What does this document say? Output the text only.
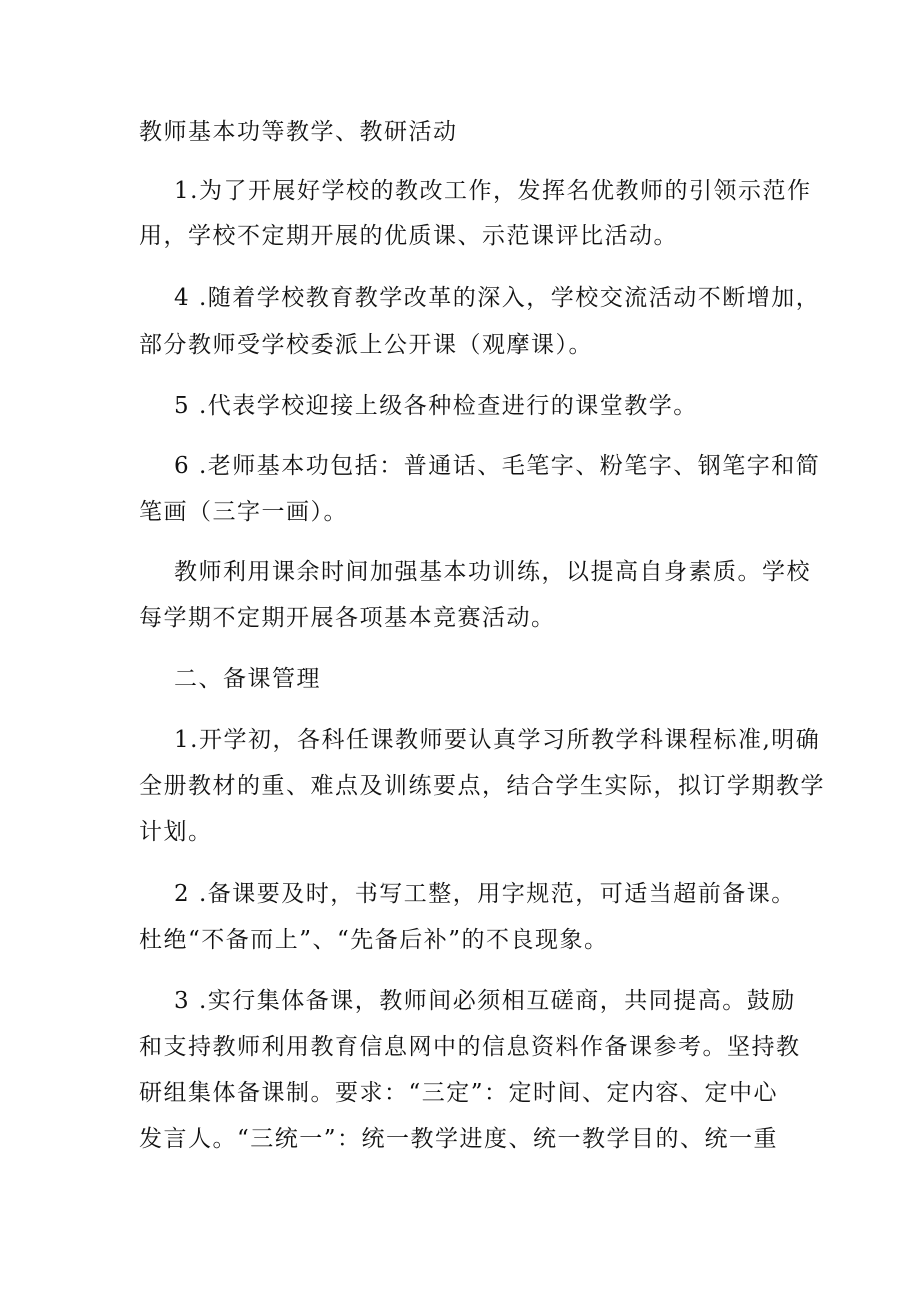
教师基本功等教学、教研活动

1.为了开展好学校的教改工作，发挥名优教师的引领示范作

用，学校不定期开展的优质课、示范课评比活动。

4 .随着学校教育教学改革的深入，学校交流活动不断增加，

部分教师受学校委派上公开课（观摩课）。

5 .代表学校迎接上级各种检查进行的课堂教学。

6 .老师基本功包括：普通话、毛笔字、粉笔字、钢笔字和简

笔画（三字一画）。

教师利用课余时间加强基本功训练，以提高自身素质。学校

每学期不定期开展各项基本竞赛活动。

二、备课管理

1.开学初，各科任课教师要认真学习所教学科课程标准,明确

全册教材的重、难点及训练要点，结合学生实际，拟订学期教学

计划。

2 .备课要及时，书写工整，用字规范，可适当超前备课。

杜绝“不备而上”、“先备后补”的不良现象。

3 .实行集体备课，教师间必须相互磋商，共同提高。鼓励

和支持教师利用教育信息网中的信息资料作备课参考。坚持教

研组集体备课制。要求：“三定”：定时间、定内容、定中心

发言人。“三统一”：统一教学进度、统一教学目的、统一重
